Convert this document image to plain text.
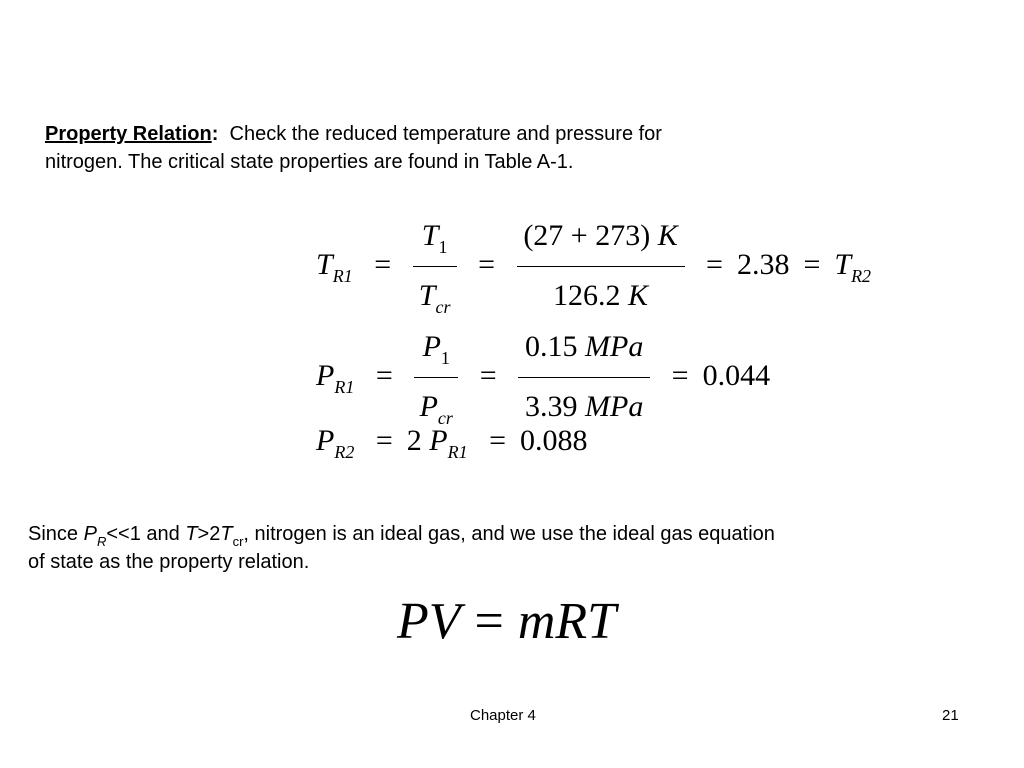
Property Relation: Check the reduced temperature and pressure for
nitrogen. The critical state properties are found in Table A-1.

$T_{R1} = \frac{T_1}{T_{cr}} = \frac{(27 + 273) K}{126.2 K} = 2.38 = T_{R2}$
$P_{R1} = \frac{P_1}{P_{cr}} = \frac{\text{0.15 MPa}}{\text{3.39 MPa}} = 0.044$
$P_{R2} = 2$ $P_{R1} = 0.088$

Since $P_R<<1$ and $T>2T_{cr}$, nitrogen is an ideal gas, and we use the ideal gas equation
of state as the property relation.

PV = mRT
Chapter 4	21
